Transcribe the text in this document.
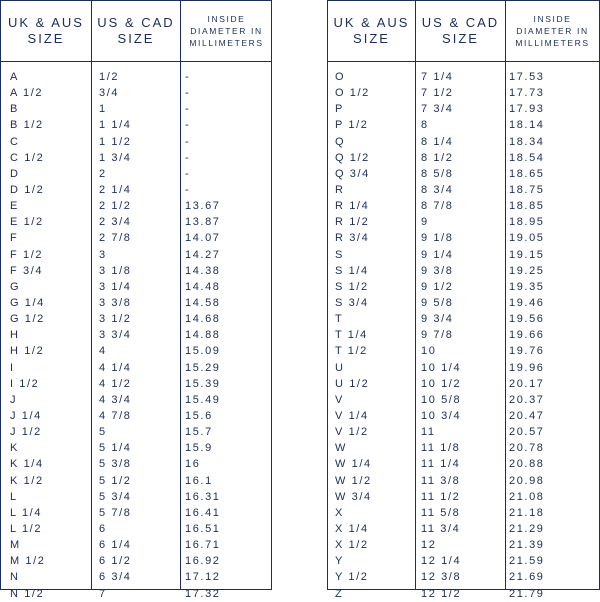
UK & AUS
SIZE
US & CAD
SIZE
INSIDE
DIAMETER IN
MILLIMETERS
A	1/2	-
A 1/2	3/4	-
B	1	-
B 1/2	1 1/4	-
C	1 1/2	-
C 1/2	1 3/4	-
D	2	-
D 1/2	2 1/4	-
E	2 1/2	13.67
E 1/2	2 3/4	13.87
F	2 7/8	14.07
F 1/2	3	14.27
F 3/4	3 1/8	14.38
G	3 1/4	14.48
G 1/4	3 3/8	14.58
G 1/2	3 1/2	14.68
H	3 3/4	14.88
H 1/2	4	15.09
I	4 1/4	15.29
I 1/2	4 1/2	15.39
J	4 3/4	15.49
J 1/4	4 7/8	15.6
J 1/2	5	15.7
K	5 1/4	15.9
K 1/4	5 3/8	16
K 1/2	5 1/2	16.1
L	5 3/4	16.31
L 1/4	5 7/8	16.41
L 1/2	6	16.51
M	6 1/4	16.71
M 1/2	6 1/2	16.92
N	6 3/4	17.12
N 1/2	7	17.32
UK & AUS
SIZE
US & CAD
SIZE
INSIDE
DIAMETER IN
MILLIMETERS
O	7 1/4	17.53
O 1/2	7 1/2	17.73
P	7 3/4	17.93
P 1/2	8	18.14
Q	8 1/4	18.34
Q 1/2	8 1/2	18.54
Q 3/4	8 5/8	18.65
R	8 3/4	18.75
R 1/4	8 7/8	18.85
R 1/2	9	18.95
R 3/4	9 1/8	19.05
S	9 1/4	19.15
S 1/4	9 3/8	19.25
S 1/2	9 1/2	19.35
S 3/4	9 5/8	19.46
T	9 3/4	19.56
T 1/4	9 7/8	19.66
T 1/2	10	19.76
U	10 1/4	19.96
U 1/2	10 1/2	20.17
V	10 5/8	20.37
V 1/4	10 3/4	20.47
V 1/2	11	20.57
W	11 1/8	20.78
W 1/4	11 1/4	20.88
W 1/2	11 3/8	20.98
W 3/4	11 1/2	21.08
X	11 5/8	21.18
X 1/4	11 3/4	21.29
X 1/2	12	21.39
Y	12 1/4	21.59
Y 1/2	12 3/8	21.69
Z	12 1/2	21.79
